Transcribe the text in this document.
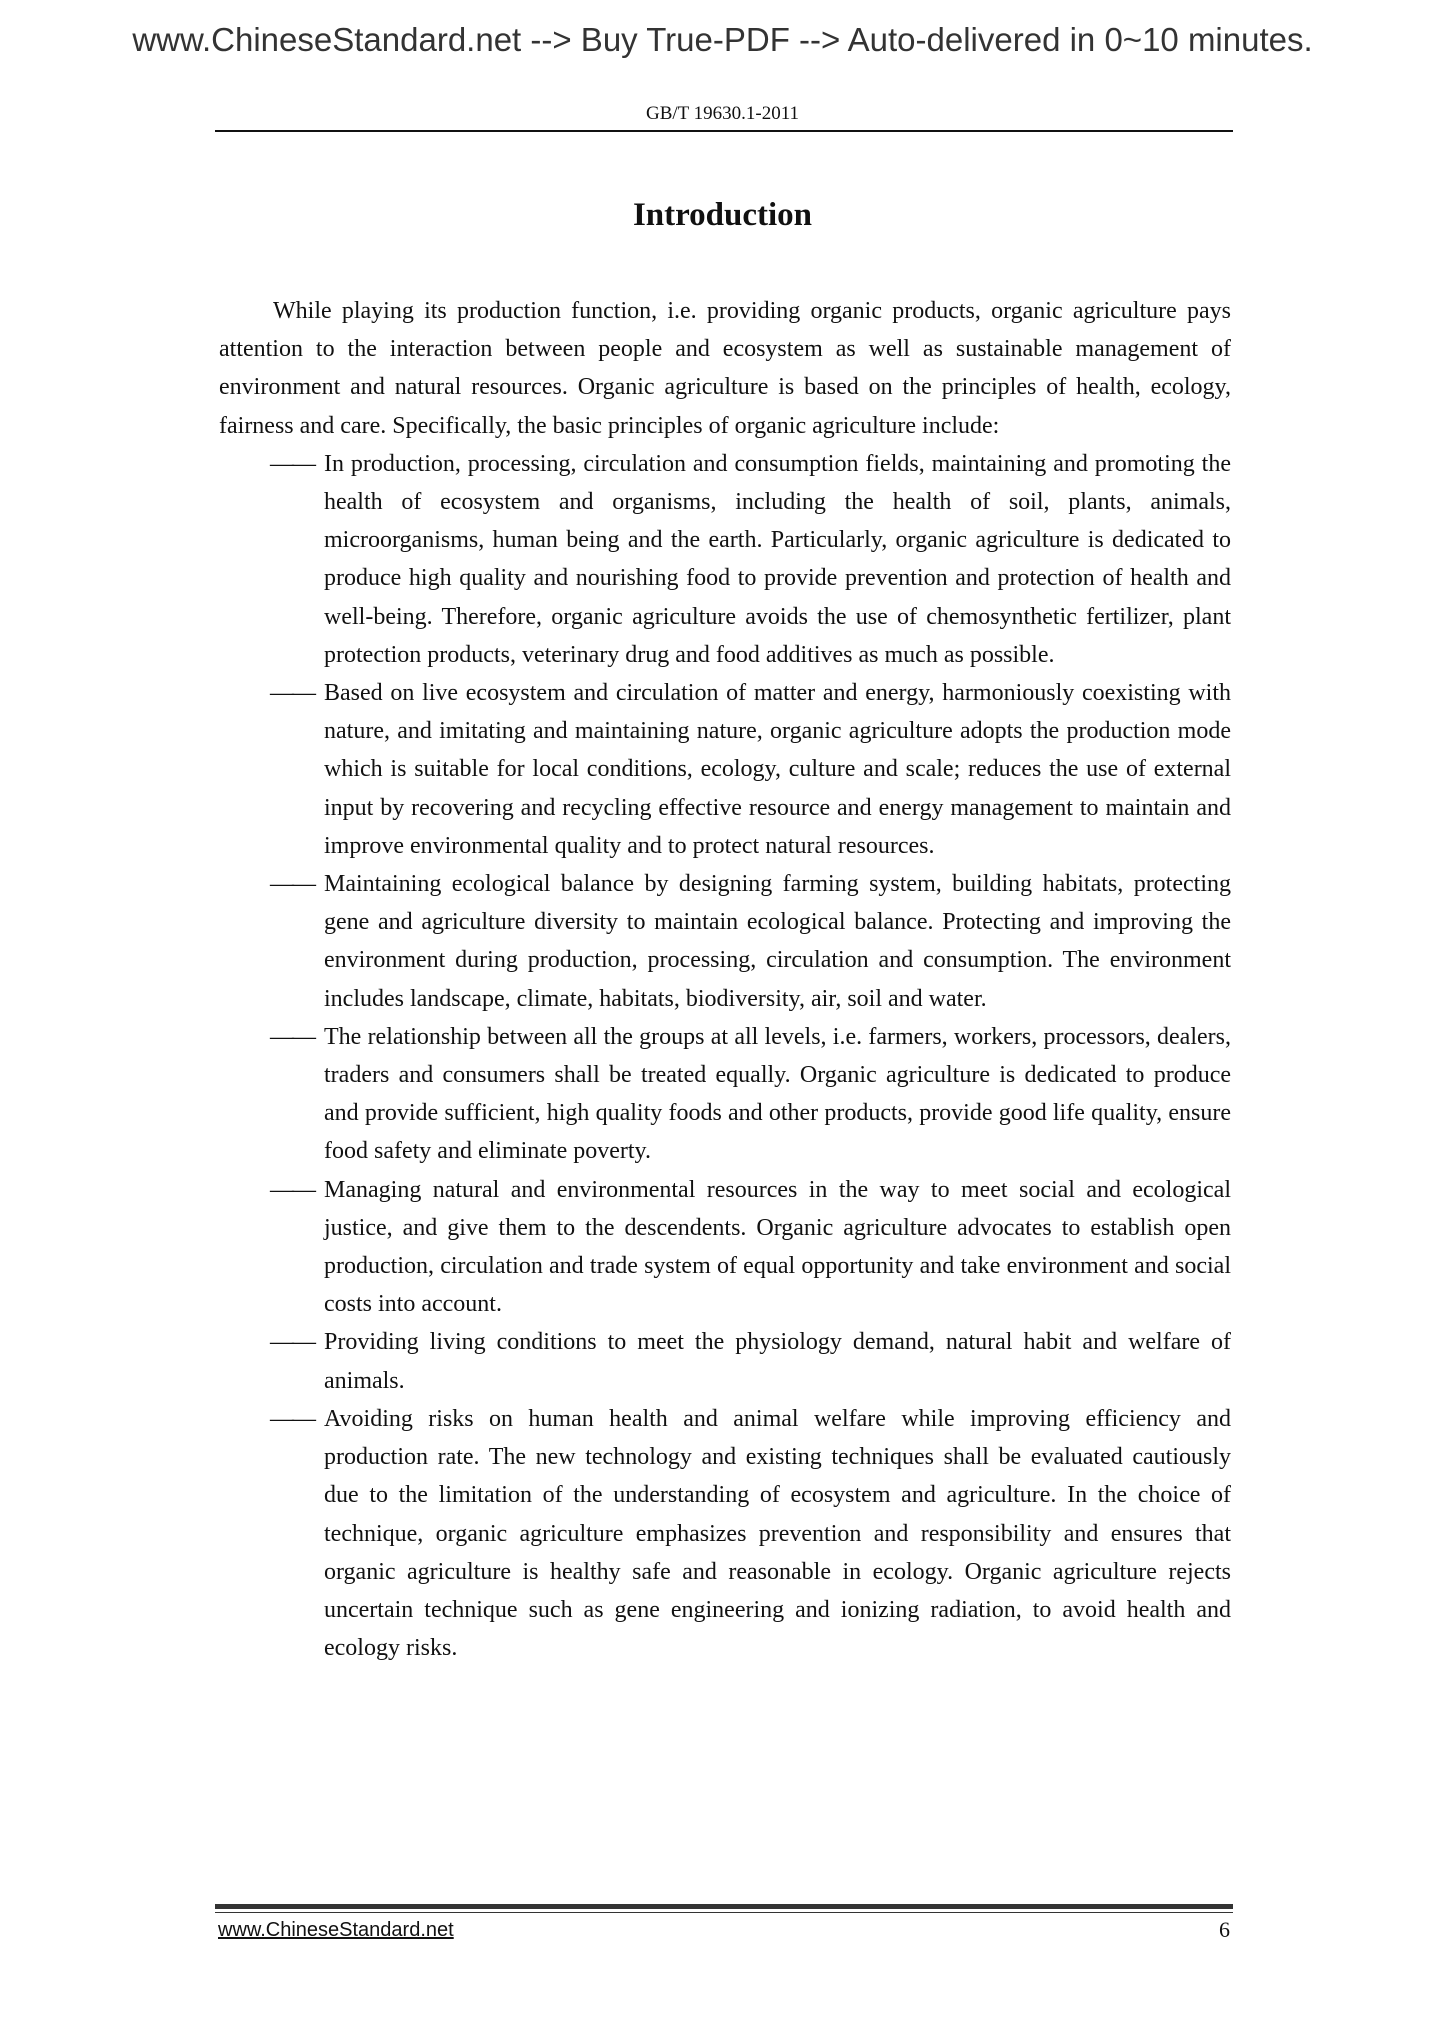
www.ChineseStandard.net --> Buy True-PDF --> Auto-delivered in 0~10 minutes.
GB/T 19630.1-2011
Introduction

While playing its production function, i.e. providing organic products, organic agriculture pays attention to the interaction between people and ecosystem as well as sustainable management of environment and natural resources. Organic agriculture is based on the principles of health, ecology, fairness and care. Specifically, the basic principles of organic agriculture include:

—— In production, processing, circulation and consumption fields, maintaining and promoting the health of ecosystem and organisms, including the health of soil, plants, animals, microorganisms, human being and the earth. Particularly, organic agriculture is dedicated to produce high quality and nourishing food to provide prevention and protection of health and well-being. Therefore, organic agriculture avoids the use of chemosynthetic fertilizer, plant protection products, veterinary drug and food additives as much as possible.
—— Based on live ecosystem and circulation of matter and energy, harmoniously coexisting with nature, and imitating and maintaining nature, organic agriculture adopts the production mode which is suitable for local conditions, ecology, culture and scale; reduces the use of external input by recovering and recycling effective resource and energy management to maintain and improve environmental quality and to protect natural resources.
—— Maintaining ecological balance by designing farming system, building habitats, protecting gene and agriculture diversity to maintain ecological balance. Protecting and improving the environment during production, processing, circulation and consumption. The environment includes landscape, climate, habitats, biodiversity, air, soil and water.
—— The relationship between all the groups at all levels, i.e. farmers, workers, processors, dealers, traders and consumers shall be treated equally. Organic agriculture is dedicated to produce and provide sufficient, high quality foods and other products, provide good life quality, ensure food safety and eliminate poverty.
—— Managing natural and environmental resources in the way to meet social and ecological justice, and give them to the descendents. Organic agriculture advocates to establish open production, circulation and trade system of equal opportunity and take environment and social costs into account.
—— Providing living conditions to meet the physiology demand, natural habit and welfare of animals.
—— Avoiding risks on human health and animal welfare while improving efficiency and production rate. The new technology and existing techniques shall be evaluated cautiously due to the limitation of the understanding of ecosystem and agriculture. In the choice of technique, organic agriculture emphasizes prevention and responsibility and ensures that organic agriculture is healthy safe and reasonable in ecology. Organic agriculture rejects uncertain technique such as gene engineering and ionizing radiation, to avoid health and ecology risks.
www.ChineseStandard.net	6
